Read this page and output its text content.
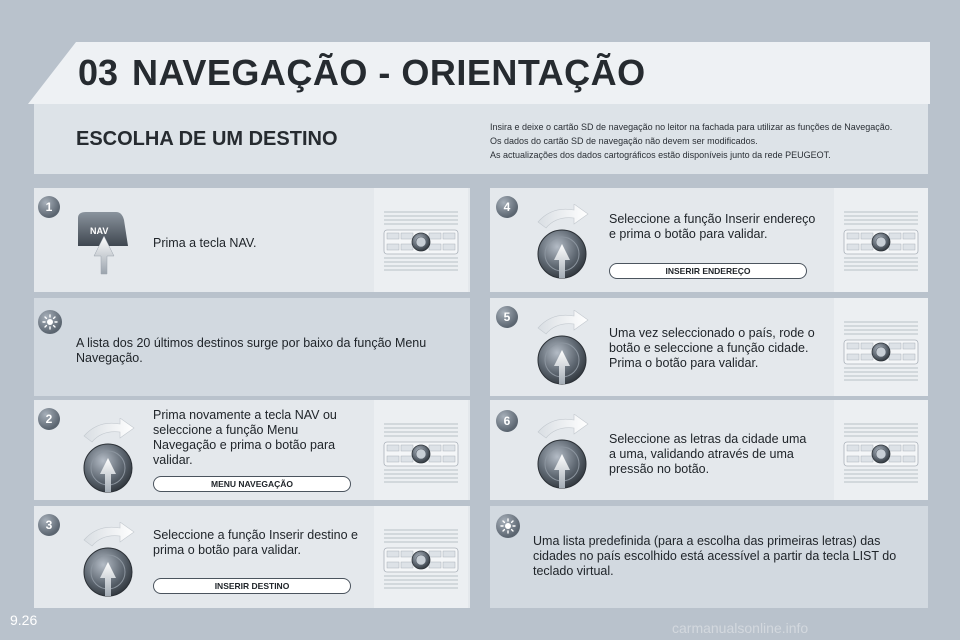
03 NAVEGAÇÃO - ORIENTAÇÃO
ESCOLHA DE UM DESTINO
Insira e deixe o cartão SD de navegação no leitor na fachada para utilizar as funções de Navegação.
Os dados do cartão SD de navegação não devem ser modificados.
As actualizações dos dados cartográficos estão disponíveis junto da rede PEUGEOT.
1
NAV
Prima a tecla NAV.
A lista dos 20 últimos destinos surge por baixo da função Menu Navegação.
2	Prima novamente a tecla NAV ou seleccione a função Menu Navegação e prima o botão para validar.
MENU NAVEGAÇÃO
3
Seleccione a função Inserir destino e prima o botão para validar.
INSERIR DESTINO
4
Seleccione a função Inserir endereço e prima o botão para validar.
INSERIR ENDEREÇO
5
Uma vez seleccionado o país, rode o botão e seleccione a função cidade. Prima o botão para validar.
6
Seleccione as letras da cidade uma a uma, validando através de uma pressão no botão.
Uma lista predefinida (para a escolha das primeiras letras) das cidades no país escolhido está acessível a partir da tecla LIST do teclado virtual.
9.26	carmanualsonline.info
